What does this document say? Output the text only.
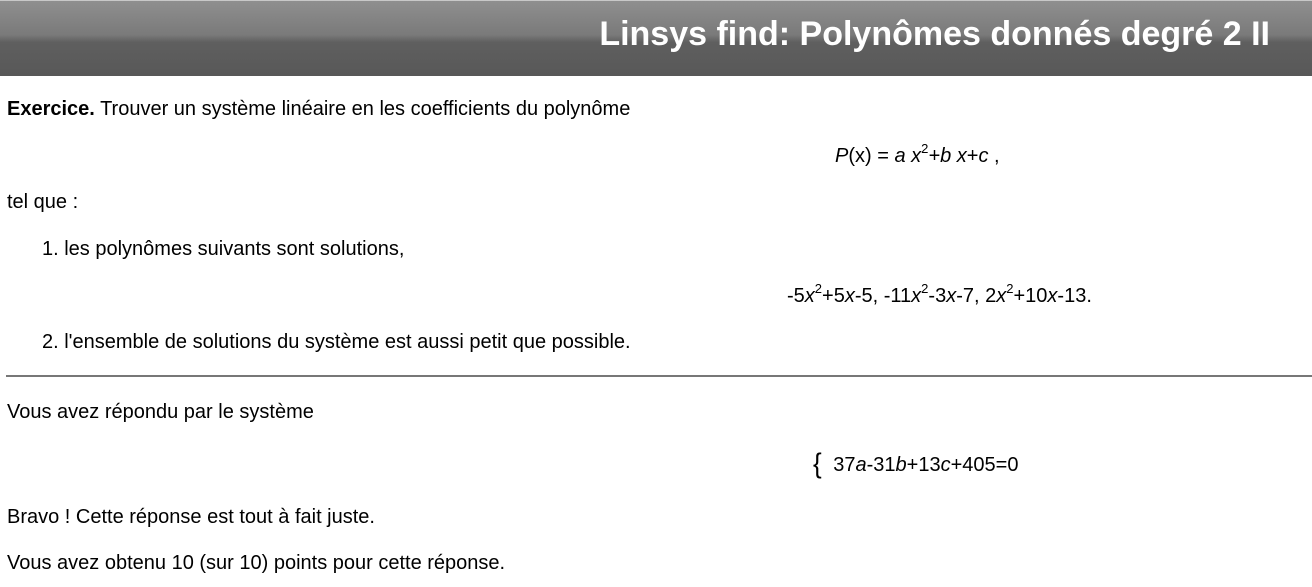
Linsys find: Polynômes donnés degré 2 II
Exercice. Trouver un système linéaire en les coefficients du polynôme
P(x) = a $x^2+b$ x+c ,
tel que :
1. les polynômes suivants sont solutions,
$-5x^2+5x-5$, $-11x^2-3x-7$, $2x^2+10x-13$.
2. l'ensemble de solutions du système est aussi petit que possible.
Vous avez répondu par le système
{ 37a-31b+13c+405=0
Bravo ! Cette réponse est tout à fait juste.
Vous avez obtenu 10 (sur 10) points pour cette réponse.
